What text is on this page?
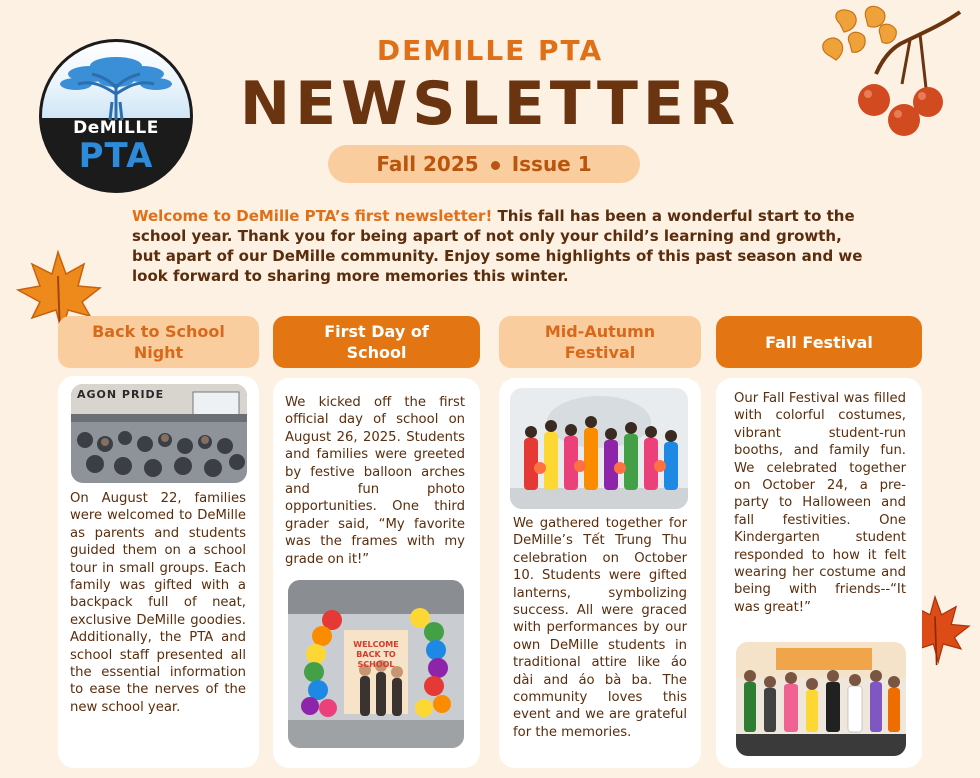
DeMILLE
PTA
DEMILLE PTA
NEWSLETTER
Fall 2025 Issue 1
Welcome to DeMille PTA’s first newsletter! This fall has been a wonderful start to the school year. Thank you for being apart of not only your child’s learning and growth, but apart of our DeMille community. Enjoy some highlights of this past season and we look forward to sharing more memories this winter.
Back to School Night
AGON PRIDE
On August 22, families were welcomed to DeMille as parents and students guided them on a school tour in small groups. Each family was gifted with a backpack full of neat, exclusive DeMille goodies. Additionally, the PTA and school staff presented all the essential information to ease the nerves of the new school year.
First Day of School
We kicked off the first official day of school on August 26, 2025. Students and families were greeted by festive balloon arches and fun photo opportunities. One third grader said, “My favorite was the frames with my grade on it!”
WELCOME BACK TO SCHOOL
Mid-Autumn Festival
We gathered together for DeMille’s Tết Trung Thu celebration on October 10. Students were gifted lanterns, symbolizing success. All were graced with performances by our own DeMille students in traditional attire like áo dài and áo bà ba. The community loves this event and we are grateful for the memories.
Fall Festival
Our Fall Festival was filled with colorful costumes, vibrant student-run booths, and family fun. We celebrated together on October 24, a pre-party to Halloween and fall festivities. One Kindergarten student responded to how it felt wearing her costume and being with friends--“It was great!”
